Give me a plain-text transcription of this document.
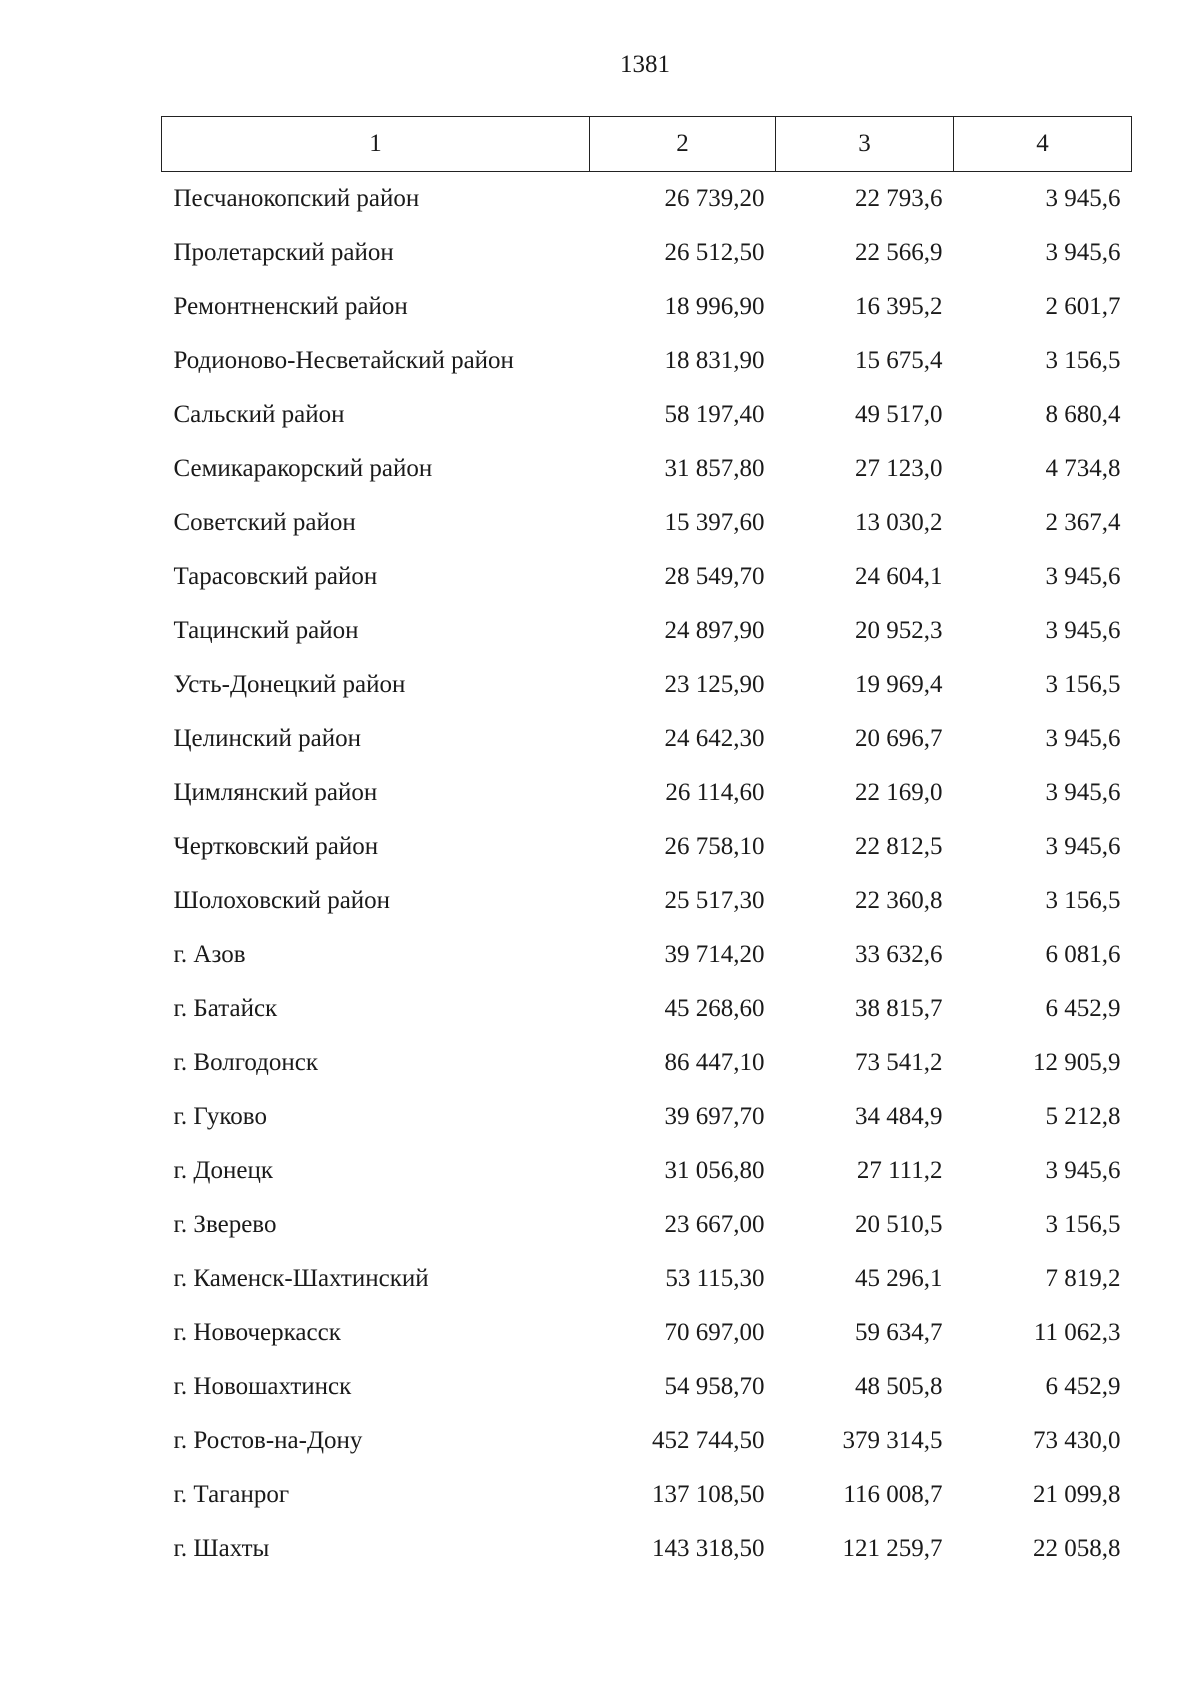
1381
1	2	3	4
Песчанокопский район	26 739,20	22 793,6	3 945,6
Пролетарский район	26 512,50	22 566,9	3 945,6
Ремонтненский район	18 996,90	16 395,2	2 601,7
Родионово-Несветайский район	18 831,90	15 675,4	3 156,5
Сальский район	58 197,40	49 517,0	8 680,4
Семикаракорский район	31 857,80	27 123,0	4 734,8
Советский район	15 397,60	13 030,2	2 367,4
Тарасовский район	28 549,70	24 604,1	3 945,6
Тацинский район	24 897,90	20 952,3	3 945,6
Усть-Донецкий район	23 125,90	19 969,4	3 156,5
Целинский район	24 642,30	20 696,7	3 945,6
Цимлянский район	26 114,60	22 169,0	3 945,6
Чертковский район	26 758,10	22 812,5	3 945,6
Шолоховский район	25 517,30	22 360,8	3 156,5
г. Азов	39 714,20	33 632,6	6 081,6
г. Батайск	45 268,60	38 815,7	6 452,9
г. Волгодонск	86 447,10	73 541,2	12 905,9
г. Гуково	39 697,70	34 484,9	5 212,8
г. Донецк	31 056,80	27 111,2	3 945,6
г. Зверево	23 667,00	20 510,5	3 156,5
г. Каменск-Шахтинский	53 115,30	45 296,1	7 819,2
г. Новочеркасск	70 697,00	59 634,7	11 062,3
г. Новошахтинск	54 958,70	48 505,8	6 452,9
г. Ростов-на-Дону	452 744,50	379 314,5	73 430,0
г. Таганрог	137 108,50	116 008,7	21 099,8
г. Шахты	143 318,50	121 259,7	22 058,8
